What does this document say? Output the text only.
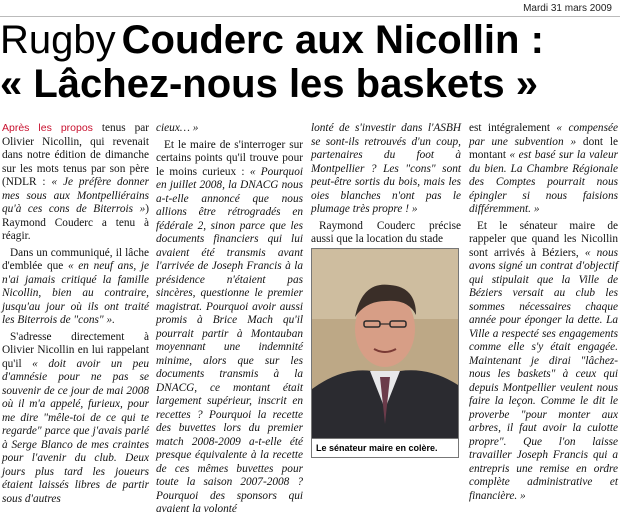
Mardi 31 mars 2009
Rugby Couderc aux Nicollin :
« Lâchez-nous les baskets »

Après les propos tenus par Olivier Nicollin, qui revenait dans notre édition de dimanche sur les mots tenus par son père (NDLR : « Je préfère donner mes sous aux Montpelliérains qu'à ces cons de Biterrois ») Raymond Couderc a tenu à réagir.

Dans un communiqué, il lâche d'emblée que « en neuf ans, je n'ai jamais critiqué la famille Nicollin, bien au contraire, jusqu'au jour où ils ont traité les Biterrois de "cons" ».

S'adresse directement à Olivier Nicollin en lui rappelant qu'il « doit avoir un peu d'amnésie pour ne pas se souvenir de ce jour de mai 2008 où il m'a appelé, furieux, pour me dire "mêle-toi de ce qui te regarde" parce que j'avais parlé à Serge Blanco de mes craintes pour l'avenir du club. Deux jours plus tard les joueurs étaient laissés libres de partir sous d'autres

cieux… »

Et le maire de s'interroger sur certains points qu'il trouve pour le moins curieux : « Pourquoi en juillet 2008, la DNACG nous a-t-elle annoncé que nous allions être rétrogradés en fédérale 2, sinon parce que les documents financiers qui lui avaient été transmis avant l'arrivée de Joseph Francis à la présidence n'étaient pas sincères, questionne le premier magistrat. Pourquoi avoir aussi promis à Brice Mach qu'il pourrait partir à Montauban moyennant une indemnité minime, alors que sur les documents transmis à la DNACG, ce montant était largement supérieur, inscrit en recettes ? Pourquoi la recette des buvettes lors du premier match 2008-2009 a-t-elle été presque équivalente à la recette de ces mêmes buvettes pour toute la saison 2007-2008 ? Pourquoi des sponsors qui avaient la volonté

lonté de s'investir dans l'ASBH se sont-ils retrouvés d'un coup, partenaires du foot à Montpellier ? Les "cons" sont peut-être sortis du bois, mais les oies blanches n'ont pas le plumage très propre ! »

Raymond Couderc précise aussi que la location du stade

est intégralement « compensée par une subvention » dont le montant « est basé sur la valeur du bien. La Chambre Régionale des Comptes pourrait nous épingler si nous faisions différemment. »

Et le sénateur maire de rappeler que quand les Nicollin sont arrivés à Béziers, « nous avons signé un contrat d'objectif qui stipulait que la Ville de Béziers versait au club les sommes nécessaires chaque année pour éponger la dette. La Ville a respecté ses engagements comme elle s'y était engagée. Maintenant je dirai "lâchez-nous les baskets" à ceux qui depuis Montpellier veulent nous faire la leçon. Comme le dit le proverbe "pour monter aux arbres, il faut avoir la culotte propre". Que l'on laisse travailler Joseph Francis qui a entrepris une remise en ordre complète administrative et financière. »

Le sénateur maire en colère.
